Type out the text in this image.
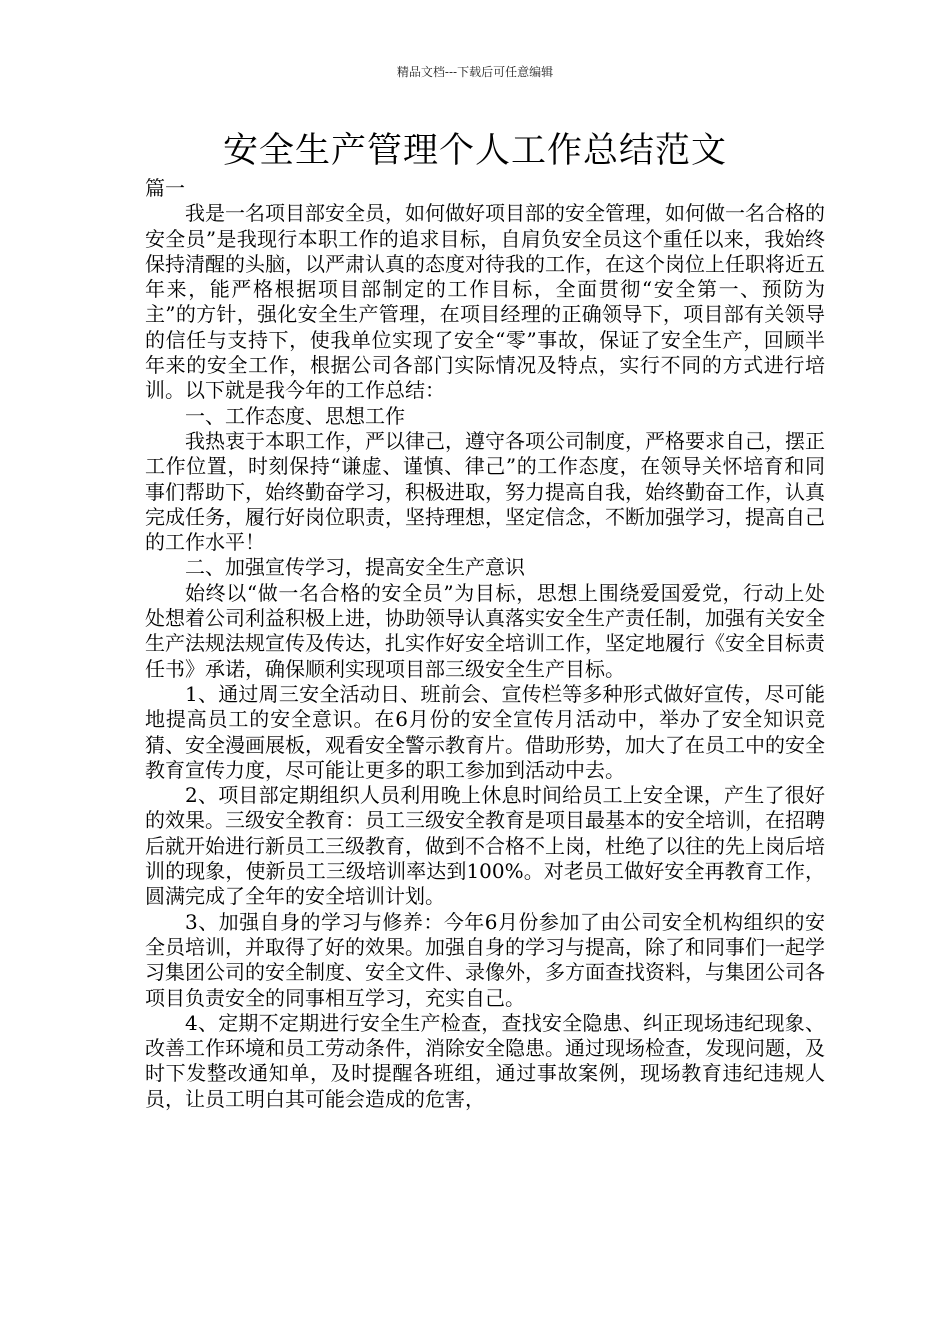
精品文档---下载后可任意编辑
安全生产管理个人工作总结范文

篇一

我是一名项目部安全员，如何做好项目部的安全管理，如何做一名合格的安全员”是我现行本职工作的追求目标，自肩负安全员这个重任以来，我始终保持清醒的头脑，以严肃认真的态度对待我的工作，在这个岗位上任职将近五年来，能严格根据项目部制定的工作目标，全面贯彻“安全第一、预防为主”的方针，强化安全生产管理，在项目经理的正确领导下，项目部有关领导的信任与支持下，使我单位实现了安全“零”事故，保证了安全生产，回顾半年来的安全工作，根据公司各部门实际情况及特点，实行不同的方式进行培训。以下就是我今年的工作总结：

一、工作态度、思想工作

我热衷于本职工作，严以律己，遵守各项公司制度，严格要求自己，摆正工作位置，时刻保持“谦虚、谨慎、律己”的工作态度，在领导关怀培育和同事们帮助下，始终勤奋学习，积极进取，努力提高自我，始终勤奋工作，认真完成任务，履行好岗位职责，坚持理想，坚定信念，不断加强学习，提高自己的工作水平！

二、加强宣传学习，提高安全生产意识

始终以“做一名合格的安全员”为目标，思想上围绕爱国爱党，行动上处处想着公司利益积极上进，协助领导认真落实安全生产责任制，加强有关安全生产法规法规宣传及传达，扎实作好安全培训工作，坚定地履行《安全目标责任书》承诺，确保顺利实现项目部三级安全生产目标。

1、通过周三安全活动日、班前会、宣传栏等多种形式做好宣传，尽可能地提高员工的安全意识。在6月份的安全宣传月活动中，举办了安全知识竞猜、安全漫画展板，观看安全警示教育片。借助形势，加大了在员工中的安全教育宣传力度，尽可能让更多的职工参加到活动中去。

2、项目部定期组织人员利用晚上休息时间给员工上安全课，产生了很好的效果。三级安全教育：员工三级安全教育是项目最基本的安全培训，在招聘后就开始进行新员工三级教育，做到不合格不上岗，杜绝了以往的先上岗后培训的现象，使新员工三级培训率达到100%。对老员工做好安全再教育工作，圆满完成了全年的安全培训计划。

3、加强自身的学习与修养：今年6月份参加了由公司安全机构组织的安全员培训，并取得了好的效果。加强自身的学习与提高，除了和同事们一起学习集团公司的安全制度、安全文件、录像外，多方面查找资料，与集团公司各项目负责安全的同事相互学习，充实自己。

4、定期不定期进行安全生产检查，查找安全隐患、纠正现场违纪现象、改善工作环境和员工劳动条件，消除安全隐患。通过现场检查，发现问题，及时下发整改通知单，及时提醒各班组，通过事故案例，现场教育违纪违规人员，让员工明白其可能会造成的危害，
